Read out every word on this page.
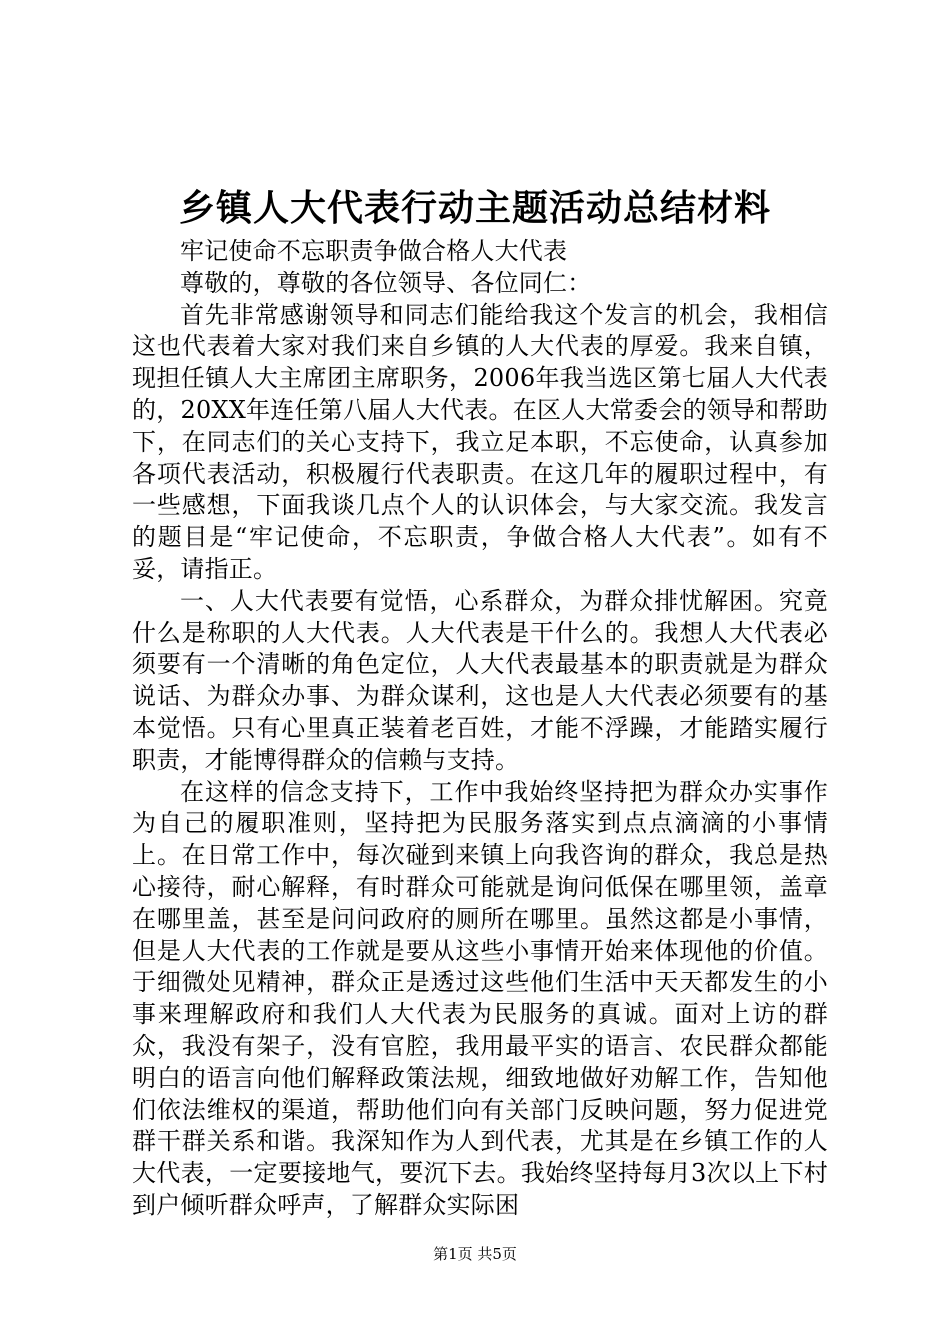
乡镇人大代表行动主题活动总结材料

牢记使命不忘职责争做合格人大代表

尊敬的，尊敬的各位领导、各位同仁：

首先非常感谢领导和同志们能给我这个发言的机会，我相信这也代表着大家对我们来自乡镇的人大代表的厚爱。我来自镇，现担任镇人大主席团主席职务，2006年我当选区第七届人大代表的，20XX年连任第八届人大代表。在区人大常委会的领导和帮助下，在同志们的关心支持下，我立足本职，不忘使命，认真参加各项代表活动，积极履行代表职责。在这几年的履职过程中，有一些感想，下面我谈几点个人的认识体会，与大家交流。我发言的题目是“牢记使命，不忘职责，争做合格人大代表”。如有不妥，请指正。

一、人大代表要有觉悟，心系群众，为群众排忧解困。究竟什么是称职的人大代表。人大代表是干什么的。我想人大代表必须要有一个清晰的角色定位，人大代表最基本的职责就是为群众说话、为群众办事、为群众谋利，这也是人大代表必须要有的基本觉悟。只有心里真正装着老百姓，才能不浮躁，才能踏实履行职责，才能博得群众的信赖与支持。

在这样的信念支持下，工作中我始终坚持把为群众办实事作为自己的履职准则，坚持把为民服务落实到点点滴滴的小事情上。在日常工作中，每次碰到来镇上向我咨询的群众，我总是热心接待，耐心解释，有时群众可能就是询问低保在哪里领，盖章在哪里盖，甚至是问问政府的厕所在哪里。虽然这都是小事情，但是人大代表的工作就是要从这些小事情开始来体现他的价值。于细微处见精神，群众正是透过这些他们生活中天天都发生的小事来理解政府和我们人大代表为民服务的真诚。面对上访的群众，我没有架子，没有官腔，我用最平实的语言、农民群众都能明白的语言向他们解释政策法规，细致地做好劝解工作，告知他们依法维权的渠道，帮助他们向有关部门反映问题，努力促进党群干群关系和谐。我深知作为人到代表，尤其是在乡镇工作的人大代表，一定要接地气，要沉下去。我始终坚持每月3次以上下村到户倾听群众呼声，了解群众实际困

第1页 共5页
